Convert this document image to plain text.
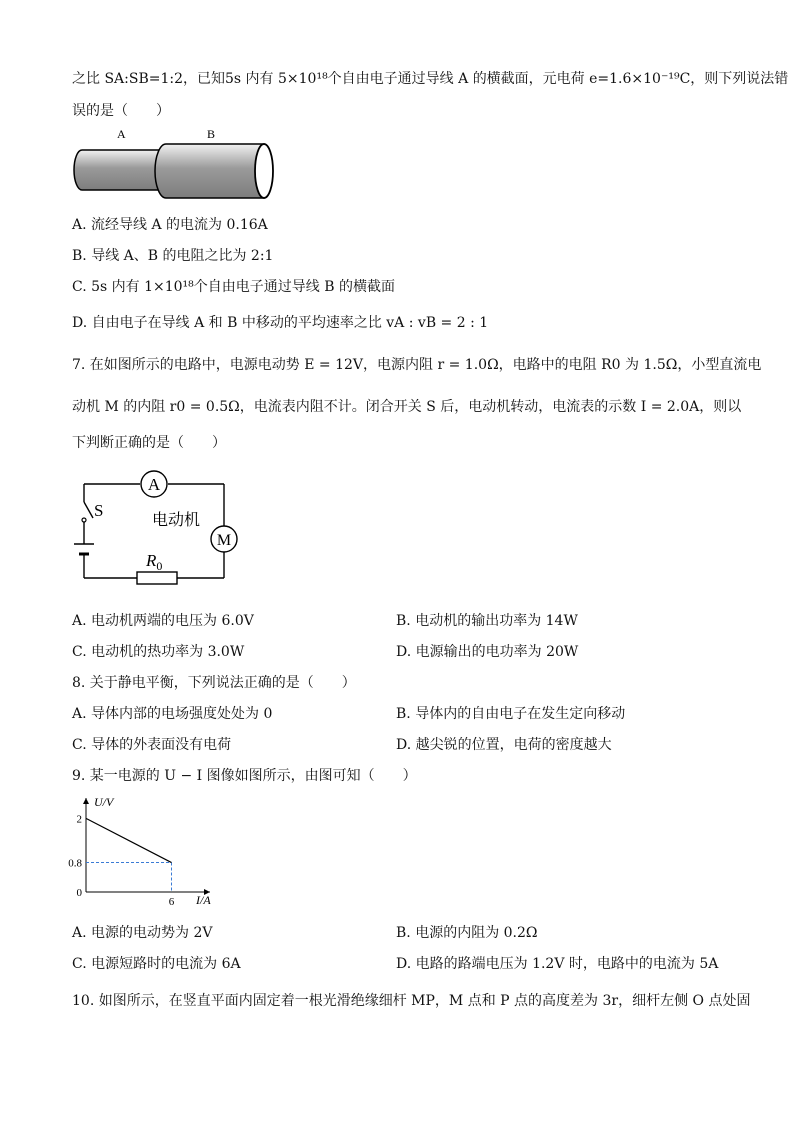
之比 SA:SB=1:2，已知5s 内有 5×10¹⁸个自由电子通过导线 A 的横截面，元电荷 e=1.6×10⁻¹⁹C，则下列说法错
误的是（　　）
A	B
A. 流经导线 A 的电流为 0.16A
B. 导线 A、B 的电阻之比为 2:1
C. 5s 内有 1×10¹⁸个自由电子通过导线 B 的横截面
D. 自由电子在导线 A 和 B 中移动的平均速率之比 vA : vB = 2 : 1
7. 在如图所示的电路中，电源电动势 E = 12V，电源内阻 r = 1.0Ω，电路中的电阻 R0 为 1.5Ω，小型直流电
动机 M 的内阻 r0 = 0.5Ω，电流表内阻不计。闭合开关 S 后，电动机转动，电流表的示数 I = 2.0A，则以
下判断正确的是（　　）
A
M
电动机
S
$R_0$
A. 电动机两端的电压为 6.0V	B. 电动机的输出功率为 14W
C. 电动机的热功率为 3.0W	D. 电源输出的电功率为 20W
8. 关于静电平衡，下列说法正确的是（　　）
A. 导体内部的电场强度处处为 0	B. 导体内的自由电子在发生定向移动
C. 导体的外表面没有电荷	D. 越尖锐的位置，电荷的密度越大
9. 某一电源的 U − I 图像如图所示，由图可知（　　）
U/V
I/A
0.8
2
0
6
A. 电源的电动势为 2V	B. 电源的内阻为 0.2Ω
C. 电源短路时的电流为 6A	D. 电路的路端电压为 1.2V 时，电路中的电流为 5A
10. 如图所示，在竖直平面内固定着一根光滑绝缘细杆 MP，M 点和 P 点的高度差为 3r，细杆左侧 O 点处固
